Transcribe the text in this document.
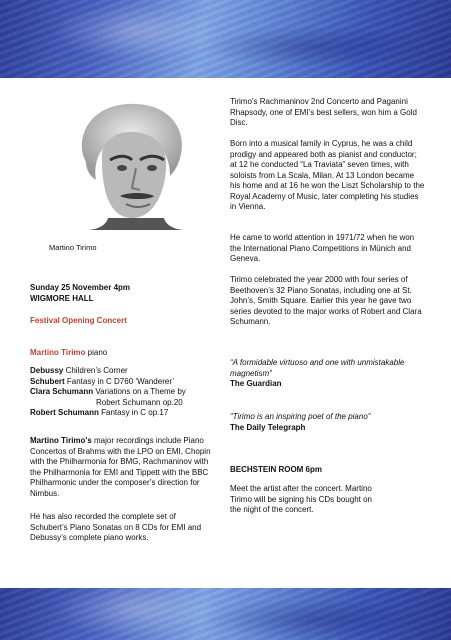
Martino Tirimo

Sunday 25 November 4pm

WIGMORE HALL

Festival Opening Concert

Martino Tirimo piano

Debussy Children’s Corner

Schubert Fantasy in C D760 ‘Wanderer’

Clara Schumann Variations on a Theme by

Robert Schumann op.20

Robert Schumann Fantasy in C op.17

Martino Tirimo’s major recordings include Piano Concertos of Brahms with the LPO on EMI, Chopin with the Philharmonia for BMG, Rachmaninov with the Philharmonia for EMI and Tippett with the BBC Philharmonic under the composer’s direction for Nimbus.

He has also recorded the complete set of Schubert’s Piano Sonatas on 8 CDs for EMI and Debussy’s complete piano works.

Tirimo’s Rachmaninov 2nd Concerto and Paganini Rhapsody, one of EMI’s best sellers, won him a Gold Disc.

Born into a musical family in Cyprus, he was a child prodigy and appeared both as pianist and conductor; at 12 he conducted “La Traviata” seven times, with soloists from La Scala, Milan. At 13 London became his home and at 16 he won the Liszt Scholarship to the Royal Academy of Music, later completing his studies in Vienna.

He came to world attention in 1971/72 when he won the International Piano Competitions in Münich and Geneva.

Tirimo celebrated the year 2000 with four series of Beethoven’s 32 Piano Sonatas, including one at St. John’s, Smith Square. Earlier this year he gave two series devoted to the major works of Robert and Clara Schumann.

“A formidable virtuoso and one with unmistakable magnetism”

The Guardian

“Tirimo is an inspiring poet of the piano”

The Daily Telegraph

BECHSTEIN ROOM 6pm

Meet the artist after the concert. Martino Tirimo will be signing his CDs bought on the night of the concert.
